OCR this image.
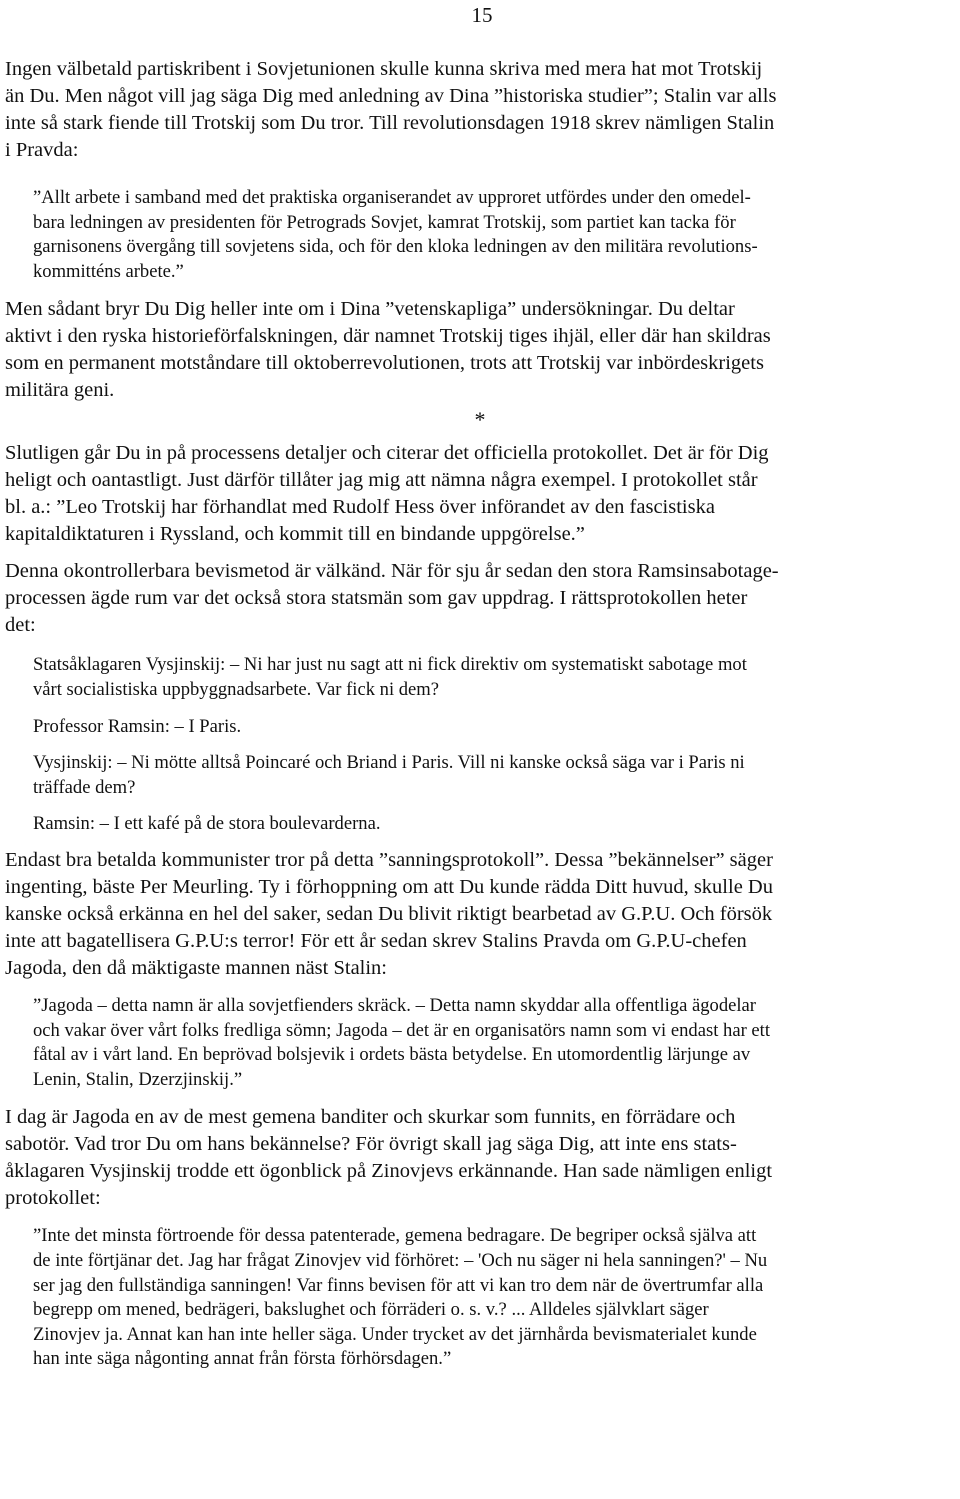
15
Ingen välbetald partiskribent i Sovjetunionen skulle kunna skriva med mera hat mot Trotskij
än Du. Men något vill jag säga Dig med anledning av Dina ”historiska studier”; Stalin var alls
inte så stark fiende till Trotskij som Du tror. Till revolutionsdagen 1918 skrev nämligen Stalin
i Pravda:
”Allt arbete i samband med det praktiska organiserandet av upproret utfördes under den omedel-
bara ledningen av presidenten för Petrograds Sovjet, kamrat Trotskij, som partiet kan tacka för
garnisonens övergång till sovjetens sida, och för den kloka ledningen av den militära revolutions-
kommitténs arbete.”
Men sådant bryr Du Dig heller inte om i Dina ”vetenskapliga” undersökningar. Du deltar
aktivt i den ryska historieförfalskningen, där namnet Trotskij tiges ihjäl, eller där han skildras
som en permanent motståndare till oktoberrevolutionen, trots att Trotskij var inbördeskrigets
militära geni.
*
Slutligen går Du in på processens detaljer och citerar det officiella protokollet. Det är för Dig
heligt och oantastligt. Just därför tillåter jag mig att nämna några exempel. I protokollet står
bl. a.: ”Leo Trotskij har förhandlat med Rudolf Hess över införandet av den fascistiska
kapitaldiktaturen i Ryssland, och kommit till en bindande uppgörelse.”
Denna okontrollerbara bevismetod är välkänd. När för sju år sedan den stora Ramsinsabotage-
processen ägde rum var det också stora statsmän som gav uppdrag. I rättsprotokollen heter
det:
Statsåklagaren Vysjinskij: – Ni har just nu sagt att ni fick direktiv om systematiskt sabotage mot
vårt socialistiska uppbyggnadsarbete. Var fick ni dem?
Professor Ramsin: – I Paris.
Vysjinskij: – Ni mötte alltså Poincaré och Briand i Paris. Vill ni kanske också säga var i Paris ni
träffade dem?
Ramsin: – I ett kafé på de stora boulevarderna.
Endast bra betalda kommunister tror på detta ”sanningsprotokoll”. Dessa ”bekännelser” säger
ingenting, bäste Per Meurling. Ty i förhoppning om att Du kunde rädda Ditt huvud, skulle Du
kanske också erkänna en hel del saker, sedan Du blivit riktigt bearbetad av G.P.U. Och försök
inte att bagatellisera G.P.U:s terror! För ett år sedan skrev Stalins Pravda om G.P.U-chefen
Jagoda, den då mäktigaste mannen näst Stalin:
”Jagoda – detta namn är alla sovjetfienders skräck. – Detta namn skyddar alla offentliga ägodelar
och vakar över vårt folks fredliga sömn; Jagoda – det är en organisatörs namn som vi endast har ett
fåtal av i vårt land. En beprövad bolsjevik i ordets bästa betydelse. En utomordentlig lärjunge av
Lenin, Stalin, Dzerzjinskij.”
I dag är Jagoda en av de mest gemena banditer och skurkar som funnits, en förrädare och
sabotör. Vad tror Du om hans bekännelse? För övrigt skall jag säga Dig, att inte ens stats-
åklagaren Vysjinskij trodde ett ögonblick på Zinovjevs erkännande. Han sade nämligen enligt
protokollet:
”Inte det minsta förtroende för dessa patenterade, gemena bedragare. De begriper också själva att
de inte förtjänar det. Jag har frågat Zinovjev vid förhöret: – 'Och nu säger ni hela sanningen?' – Nu
ser jag den fullständiga sanningen! Var finns bevisen för att vi kan tro dem när de övertrumfar alla
begrepp om mened, bedrägeri, bakslughet och förräderi o. s. v.? ... Alldeles självklart säger
Zinovjev ja. Annat kan han inte heller säga. Under trycket av det järnhårda bevismaterialet kunde
han inte säga någonting annat från första förhörsdagen.”
